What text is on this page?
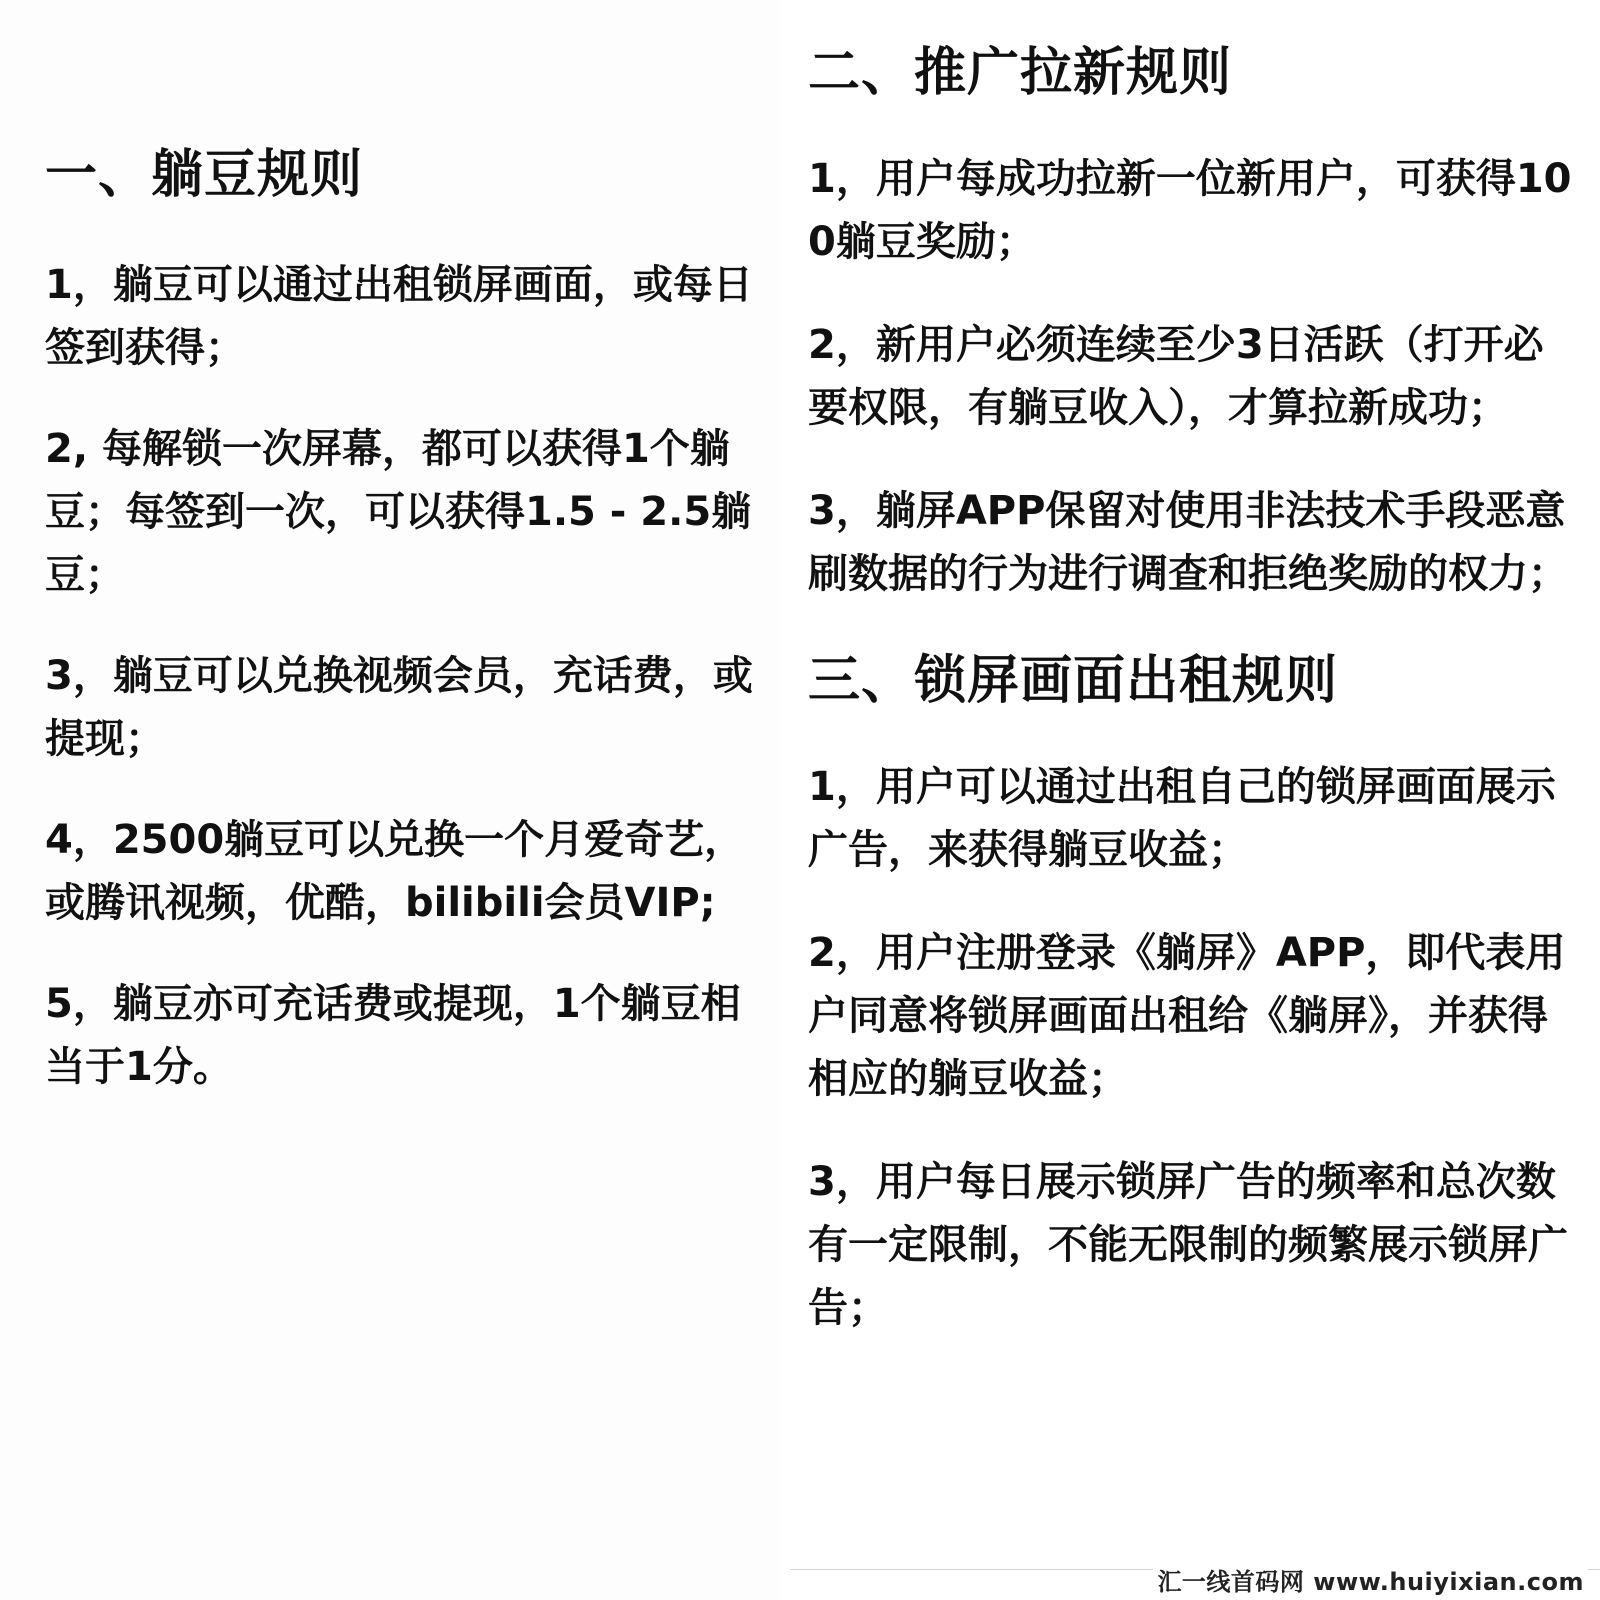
一、躺豆规则
1，躺豆可以通过出租锁屏画面，或每日签到获得；
2, 每解锁一次屏幕，都可以获得1个躺豆；每签到一次，可以获得1.5 - 2.5躺豆；
3，躺豆可以兑换视频会员，充话费，或提现；
4，2500躺豆可以兑换一个月爱奇艺，或腾讯视频，优酷，bilibili会员VIP;
5，躺豆亦可充话费或提现，1个躺豆相当于1分。
二、推广拉新规则
1，用户每成功拉新一位新用户，可获得100躺豆奖励；
2，新用户必须连续至少3日活跃（打开必要权限，有躺豆收入），才算拉新成功；
3，躺屏APP保留对使用非法技术手段恶意刷数据的行为进行调查和拒绝奖励的权力；
三、锁屏画面出租规则
1，用户可以通过出租自己的锁屏画面展示广告，来获得躺豆收益；
2，用户注册登录《躺屏》APP，即代表用户同意将锁屏画面出租给《躺屏》，并获得相应的躺豆收益；
3，用户每日展示锁屏广告的频率和总次数有一定限制，不能无限制的频繁展示锁屏广告；
汇一线首码网 www.huiyixian.com
